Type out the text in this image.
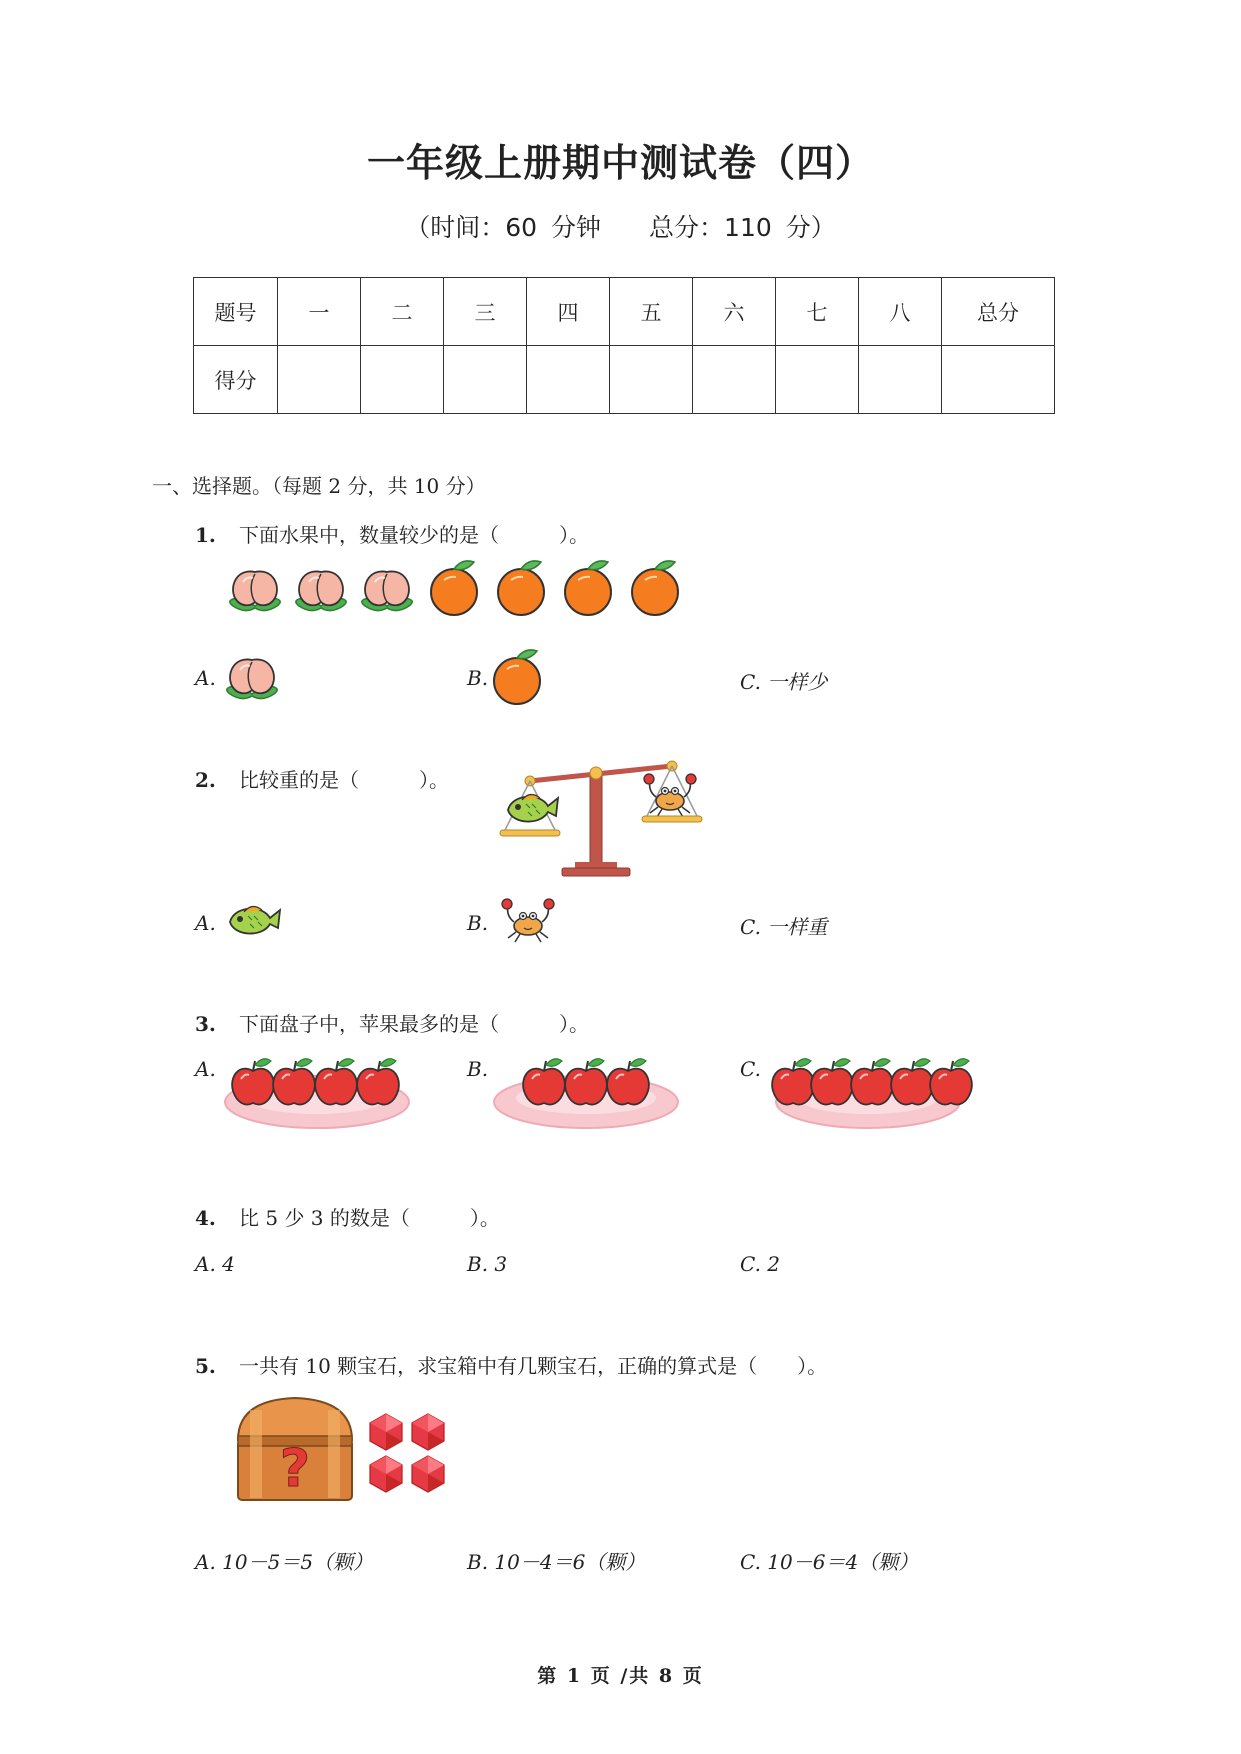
一年级上册期中测试卷（四）
（时间：60 分钟 总分：110 分）
题号	一	二	三	四	五	六	七	八	总分
得分									
一、选择题。（每题 2 分，共 10 分）
1. 下面水果中，数量较少的是（　　　）。
A.	B.	C. 一样少
2. 比较重的是（　　　）。
A.	B.	C. 一样重
3. 下面盘子中，苹果最多的是（　　　）。
A.	B.	C.
4. 比 5 少 3 的数是（　　　）。
A. 4	B. 3	C. 2
5. 一共有 10 颗宝石，求宝箱中有几颗宝石，正确的算式是（　　）。
?
A. 10－5＝5（颗）	B. 10－4＝6（颗）	C. 10－6＝4（颗）
第 1 页 /共 8 页
